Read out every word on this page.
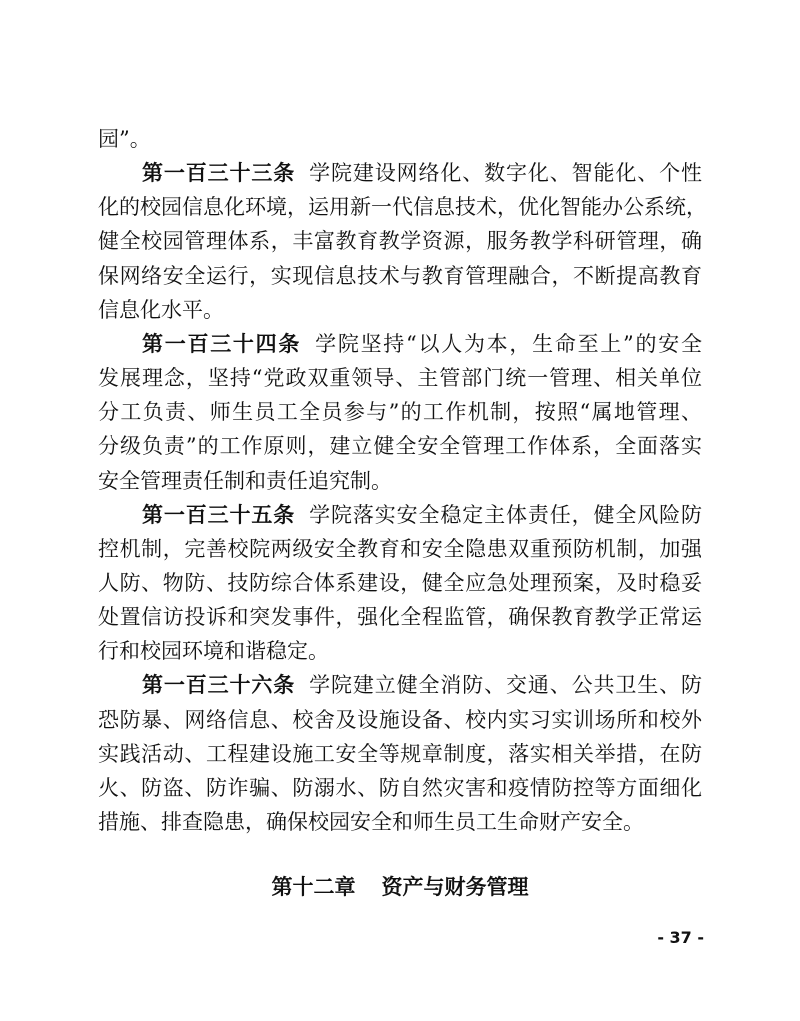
园”。
第一百三十三条 学院建设网络化、数字化、智能化、个性
化的校园信息化环境，运用新一代信息技术，优化智能办公系统，
健全校园管理体系，丰富教育教学资源，服务教学科研管理，确
保网络安全运行，实现信息技术与教育管理融合，不断提高教育
信息化水平。
第一百三十四条 学院坚持“以人为本，生命至上”的安全
发展理念，坚持“党政双重领导、主管部门统一管理、相关单位
分工负责、师生员工全员参与”的工作机制，按照“属地管理、
分级负责”的工作原则，建立健全安全管理工作体系，全面落实
安全管理责任制和责任追究制。
第一百三十五条 学院落实安全稳定主体责任，健全风险防
控机制，完善校院两级安全教育和安全隐患双重预防机制，加强
人防、物防、技防综合体系建设，健全应急处理预案，及时稳妥
处置信访投诉和突发事件，强化全程监管，确保教育教学正常运
行和校园环境和谐稳定。
第一百三十六条 学院建立健全消防、交通、公共卫生、防
恐防暴、网络信息、校舍及设施设备、校内实习实训场所和校外
实践活动、工程建设施工安全等规章制度，落实相关举措，在防
火、防盗、防诈骗、防溺水、防自然灾害和疫情防控等方面细化
措施、排查隐患，确保校园安全和师生员工生命财产安全。
第十二章 资产与财务管理
- 37 -
